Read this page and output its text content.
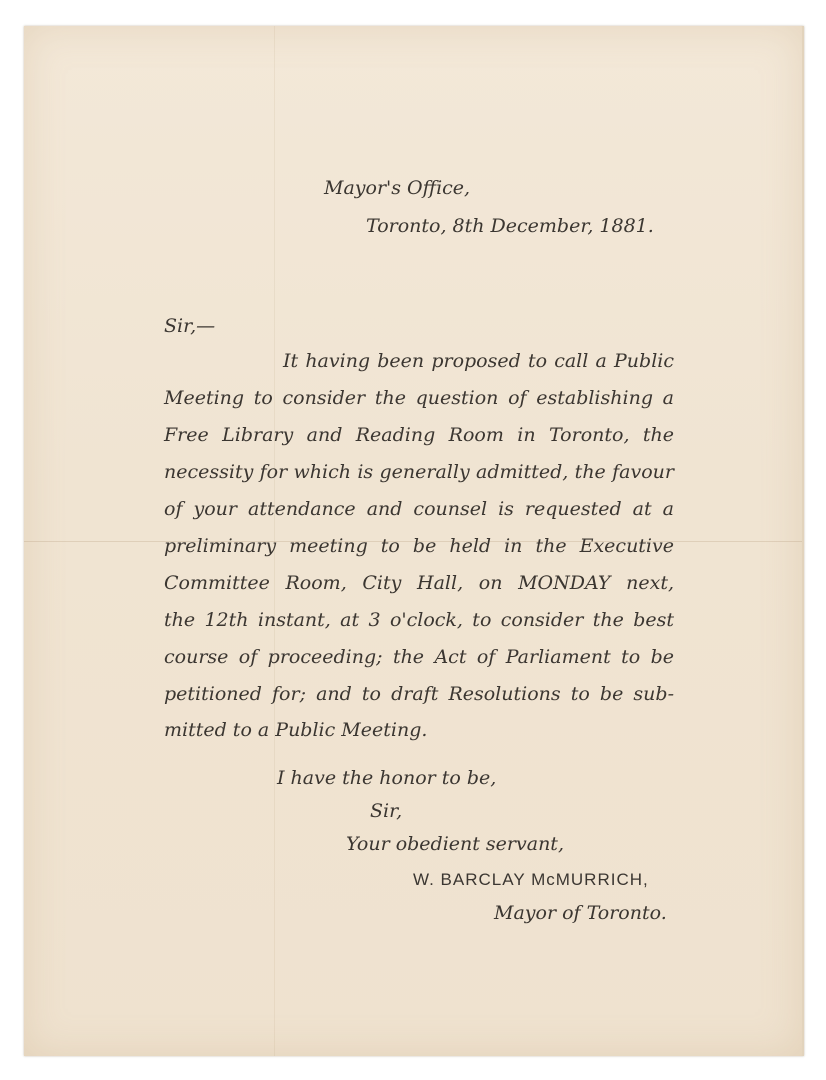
Mayor's Office,
Toronto, 8th December, 1881.
Sir,—
It having been proposed to call a Public
Meeting to consider the question of establishing a
Free Library and Reading Room in Toronto, the
necessity for which is generally admitted, the favour
of your attendance and counsel is requested at a
preliminary meeting to be held in the Executive
Committee Room, City Hall, on MONDAY next,
the 12th instant, at 3 o'clock, to consider the best
course of proceeding; the Act of Parliament to be
petitioned for; and to draft Resolutions to be sub-
mitted to a Public Meeting.
I have the honor to be,
Sir,
Your obedient servant,
W. BARCLAY McMURRICH,
Mayor of Toronto.
